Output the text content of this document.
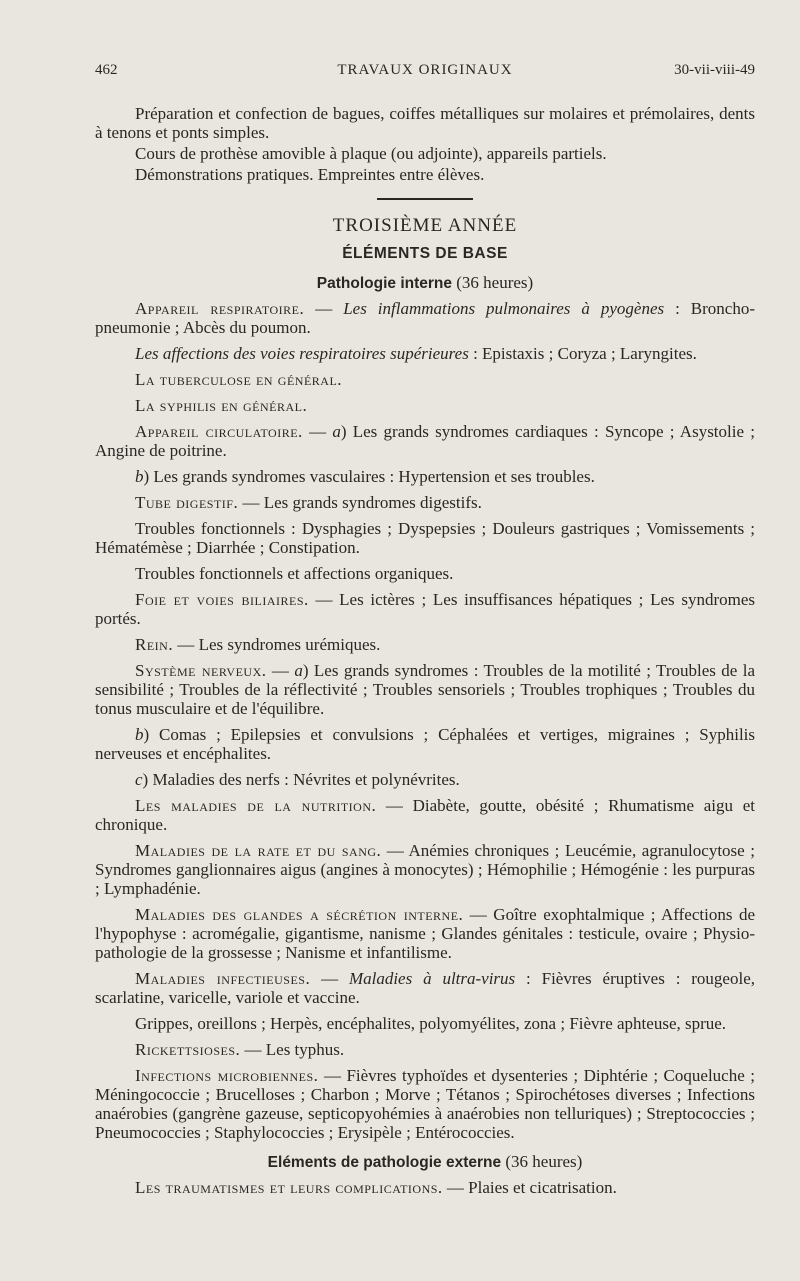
462	TRAVAUX ORIGINAUX	30-vii-viii-49

Préparation et confection de bagues, coiffes métalliques sur molaires et prémolaires, dents à tenons et ponts simples.

Cours de prothèse amovible à plaque (ou adjointe), appareils partiels.

Démonstrations pratiques. Empreintes entre élèves.

TROISIÈME ANNÉE
ÉLÉMENTS DE BASE
Pathologie interne (36 heures)

Appareil respiratoire. — Les inflammations pulmonaires à pyogènes : Broncho-pneumonie ; Abcès du poumon.

Les affections des voies respiratoires supérieures : Epistaxis ; Coryza ; Laryngites.

La tuberculose en général.

La syphilis en général.

Appareil circulatoire. — a) Les grands syndromes cardiaques : Syncope ; Asystolie ; Angine de poitrine.

b) Les grands syndromes vasculaires : Hypertension et ses troubles.

Tube digestif. — Les grands syndromes digestifs.

Troubles fonctionnels : Dysphagies ; Dyspepsies ; Douleurs gastriques ; Vomissements ; Hématémèse ; Diarrhée ; Constipation.

Troubles fonctionnels et affections organiques.

Foie et voies biliaires. — Les ictères ; Les insuffisances hépatiques ; Les syndromes portés.

Rein. — Les syndromes urémiques.

Système nerveux. — a) Les grands syndromes : Troubles de la motilité ; Troubles de la sensibilité ; Troubles de la réflectivité ; Troubles sensoriels ; Troubles trophiques ; Troubles du tonus musculaire et de l'équilibre.

b) Comas ; Epilepsies et convulsions ; Céphalées et vertiges, migraines ; Syphilis nerveuses et encéphalites.

c) Maladies des nerfs : Névrites et polynévrites.

Les maladies de la nutrition. — Diabète, goutte, obésité ; Rhumatisme aigu et chronique.

Maladies de la rate et du sang. — Anémies chroniques ; Leucémie, agranulocytose ; Syndromes ganglionnaires aigus (angines à monocytes) ; Hémophilie ; Hémogénie : les purpuras ; Lymphadénie.

Maladies des glandes a sécrétion interne. — Goître exophtalmique ; Affections de l'hypophyse : acromégalie, gigantisme, nanisme ; Glandes génitales : testicule, ovaire ; Physio-pathologie de la grossesse ; Nanisme et infantilisme.

Maladies infectieuses. — Maladies à ultra-virus : Fièvres éruptives : rougeole, scarlatine, varicelle, variole et vaccine.

Grippes, oreillons ; Herpès, encéphalites, polyomyélites, zona ; Fièvre aphteuse, sprue.

Rickettsioses. — Les typhus.

Infections microbiennes. — Fièvres typhoïdes et dysenteries ; Diphtérie ; Coqueluche ; Méningococcie ; Brucelloses ; Charbon ; Morve ; Tétanos ; Spirochétoses diverses ; Infections anaérobies (gangrène gazeuse, septicopyohémies à anaérobies non telluriques) ; Streptococcies ; Pneumococcies ; Staphylococcies ; Erysipèle ; Entérococcies.

Eléments de pathologie externe (36 heures)

Les traumatismes et leurs complications. — Plaies et cicatrisation.
